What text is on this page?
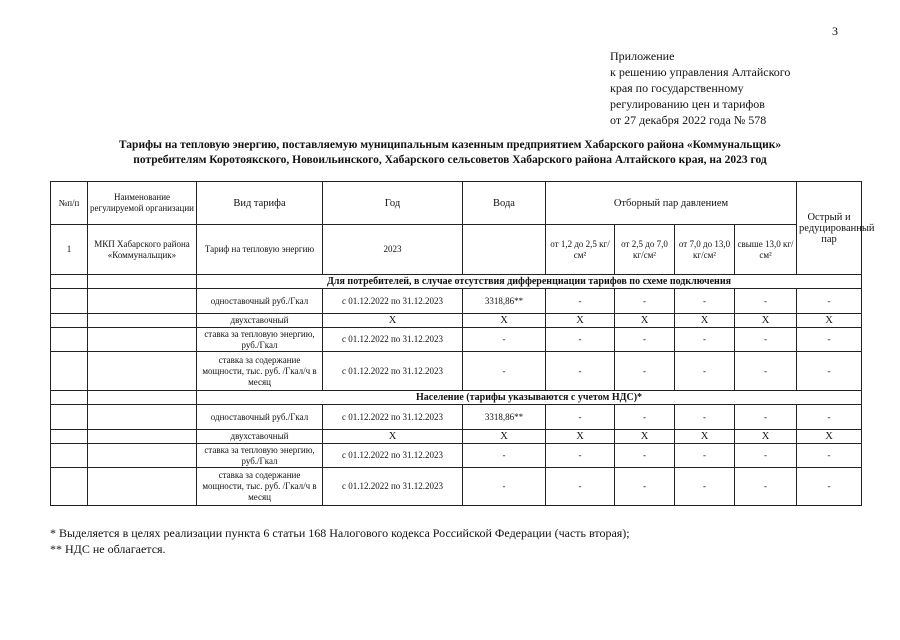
3
Приложение
к решению управления Алтайского
края по государственному
регулированию цен и тарифов
от 27 декабря 2022 года № 578
Тарифы на тепловую энергию, поставляемую муниципальным казенным предприятием Хабарского района «Коммунальщик»
потребителям Коротоякского, Новоильинского, Хабарского сельсоветов Хабарского района Алтайского края, на 2023 год
№п/п	Наименование регулируемой организации	Вид тарифа	Год	Вода	Отборный пар давлением				Острый и редуцированный пар
1	МКП Хабарского района «Коммунальщик»	Тариф на тепловую энергию	2023		от 1,2 до 2,5 кг/см²	от 2,5 до 7,0 кг/см²	от 7,0 до 13,0 кг/см²	свыше 13,0 кг/см²	
		Для потребителей, в случае отсутствия дифференциации тарифов по схеме подключения							
		одноставочный руб./Гкал	с 01.12.2022 по 31.12.2023	3318,86**	-	-	-	-	-
		двухставочный	Х	Х	Х	Х	Х	Х	Х
		ставка за тепловую энергию, руб./Гкал	с 01.12.2022 по 31.12.2023	-	-	-	-	-	-
		ставка за содержание мощности, тыс. руб. /Гкал/ч в месяц	с 01.12.2022 по 31.12.2023	-	-	-	-	-	-
		Население (тарифы указываются с учетом НДС)*							
		одноставочный руб./Гкал	с 01.12.2022 по 31.12.2023	3318,86**	-	-	-	-	-
		двухставочный	Х	Х	Х	Х	Х	Х	Х
		ставка за тепловую энергию, руб./Гкал	с 01.12.2022 по 31.12.2023	-	-	-	-	-	-
		ставка за содержание мощности, тыс. руб. /Гкал/ч в месяц	с 01.12.2022 по 31.12.2023	-	-	-	-	-	-
* Выделяется в целях реализации пункта 6 статьи 168 Налогового кодекса Российской Федерации (часть вторая);
** НДС не облагается.
